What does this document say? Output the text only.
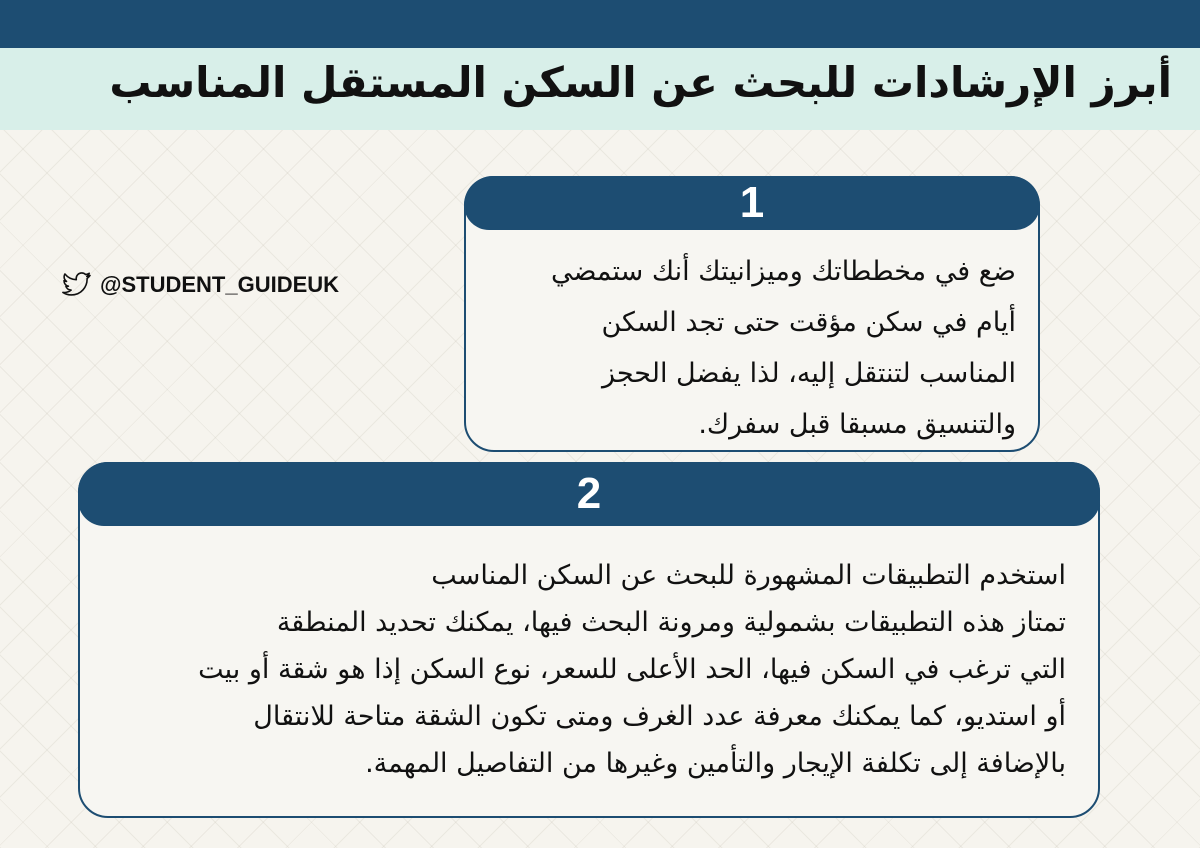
أبرز الإرشادات للبحث عن السكن المستقل المناسب
@STUDENT_GUIDEUK
1
ضع في مخططاتك وميزانيتك أنك ستمضي
أيام في سكن مؤقت حتى تجد السكن
المناسب لتنتقل إليه، لذا يفضل الحجز
والتنسيق مسبقا قبل سفرك.
2
استخدم التطبيقات المشهورة للبحث عن السكن المناسب
تمتاز هذه التطبيقات بشمولية ومرونة البحث فيها، يمكنك تحديد المنطقة
التي ترغب في السكن فيها، الحد الأعلى للسعر، نوع السكن إذا هو شقة أو بيت
أو استديو، كما يمكنك معرفة عدد الغرف ومتى تكون الشقة متاحة للانتقال
بالإضافة إلى تكلفة الإيجار والتأمين وغيرها من التفاصيل المهمة.
